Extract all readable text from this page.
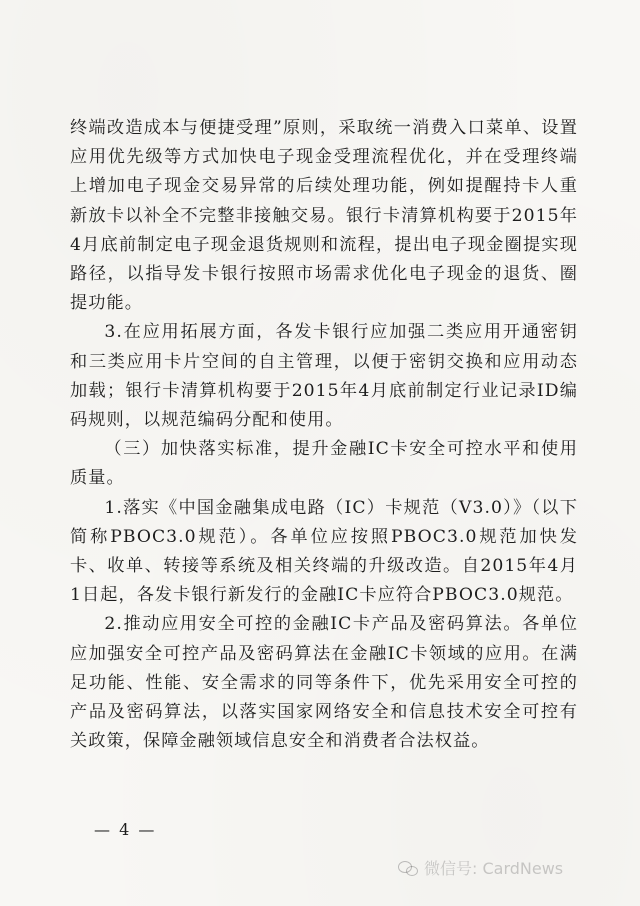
终端改造成本与便捷受理”原则，采取统一消费入口菜单、设置应用优先级等方式加快电子现金受理流程优化，并在受理终端上增加电子现金交易异常的后续处理功能，例如提醒持卡人重新放卡以补全不完整非接触交易。银行卡清算机构要于2015年4月底前制定电子现金退货规则和流程，提出电子现金圈提实现路径，以指导发卡银行按照市场需求优化电子现金的退货、圈提功能。

3.在应用拓展方面，各发卡银行应加强二类应用开通密钥和三类应用卡片空间的自主管理，以便于密钥交换和应用动态加载；银行卡清算机构要于2015年4月底前制定行业记录ID编码规则，以规范编码分配和使用。

（三）加快落实标准，提升金融IC卡安全可控水平和使用质量。

1.落实《中国金融集成电路（IC）卡规范（V3.0）》（以下简称PBOC3.0规范）。各单位应按照PBOC3.0规范加快发卡、收单、转接等系统及相关终端的升级改造。自2015年4月1日起，各发卡银行新发行的金融IC卡应符合PBOC3.0规范。

2.推动应用安全可控的金融IC卡产品及密码算法。各单位应加强安全可控产品及密码算法在金融IC卡领域的应用。在满足功能、性能、安全需求的同等条件下，优先采用安全可控的产品及密码算法，以落实国家网络安全和信息技术安全可控有关政策，保障金融领域信息安全和消费者合法权益。

— 4 —
微信号: CardNews
